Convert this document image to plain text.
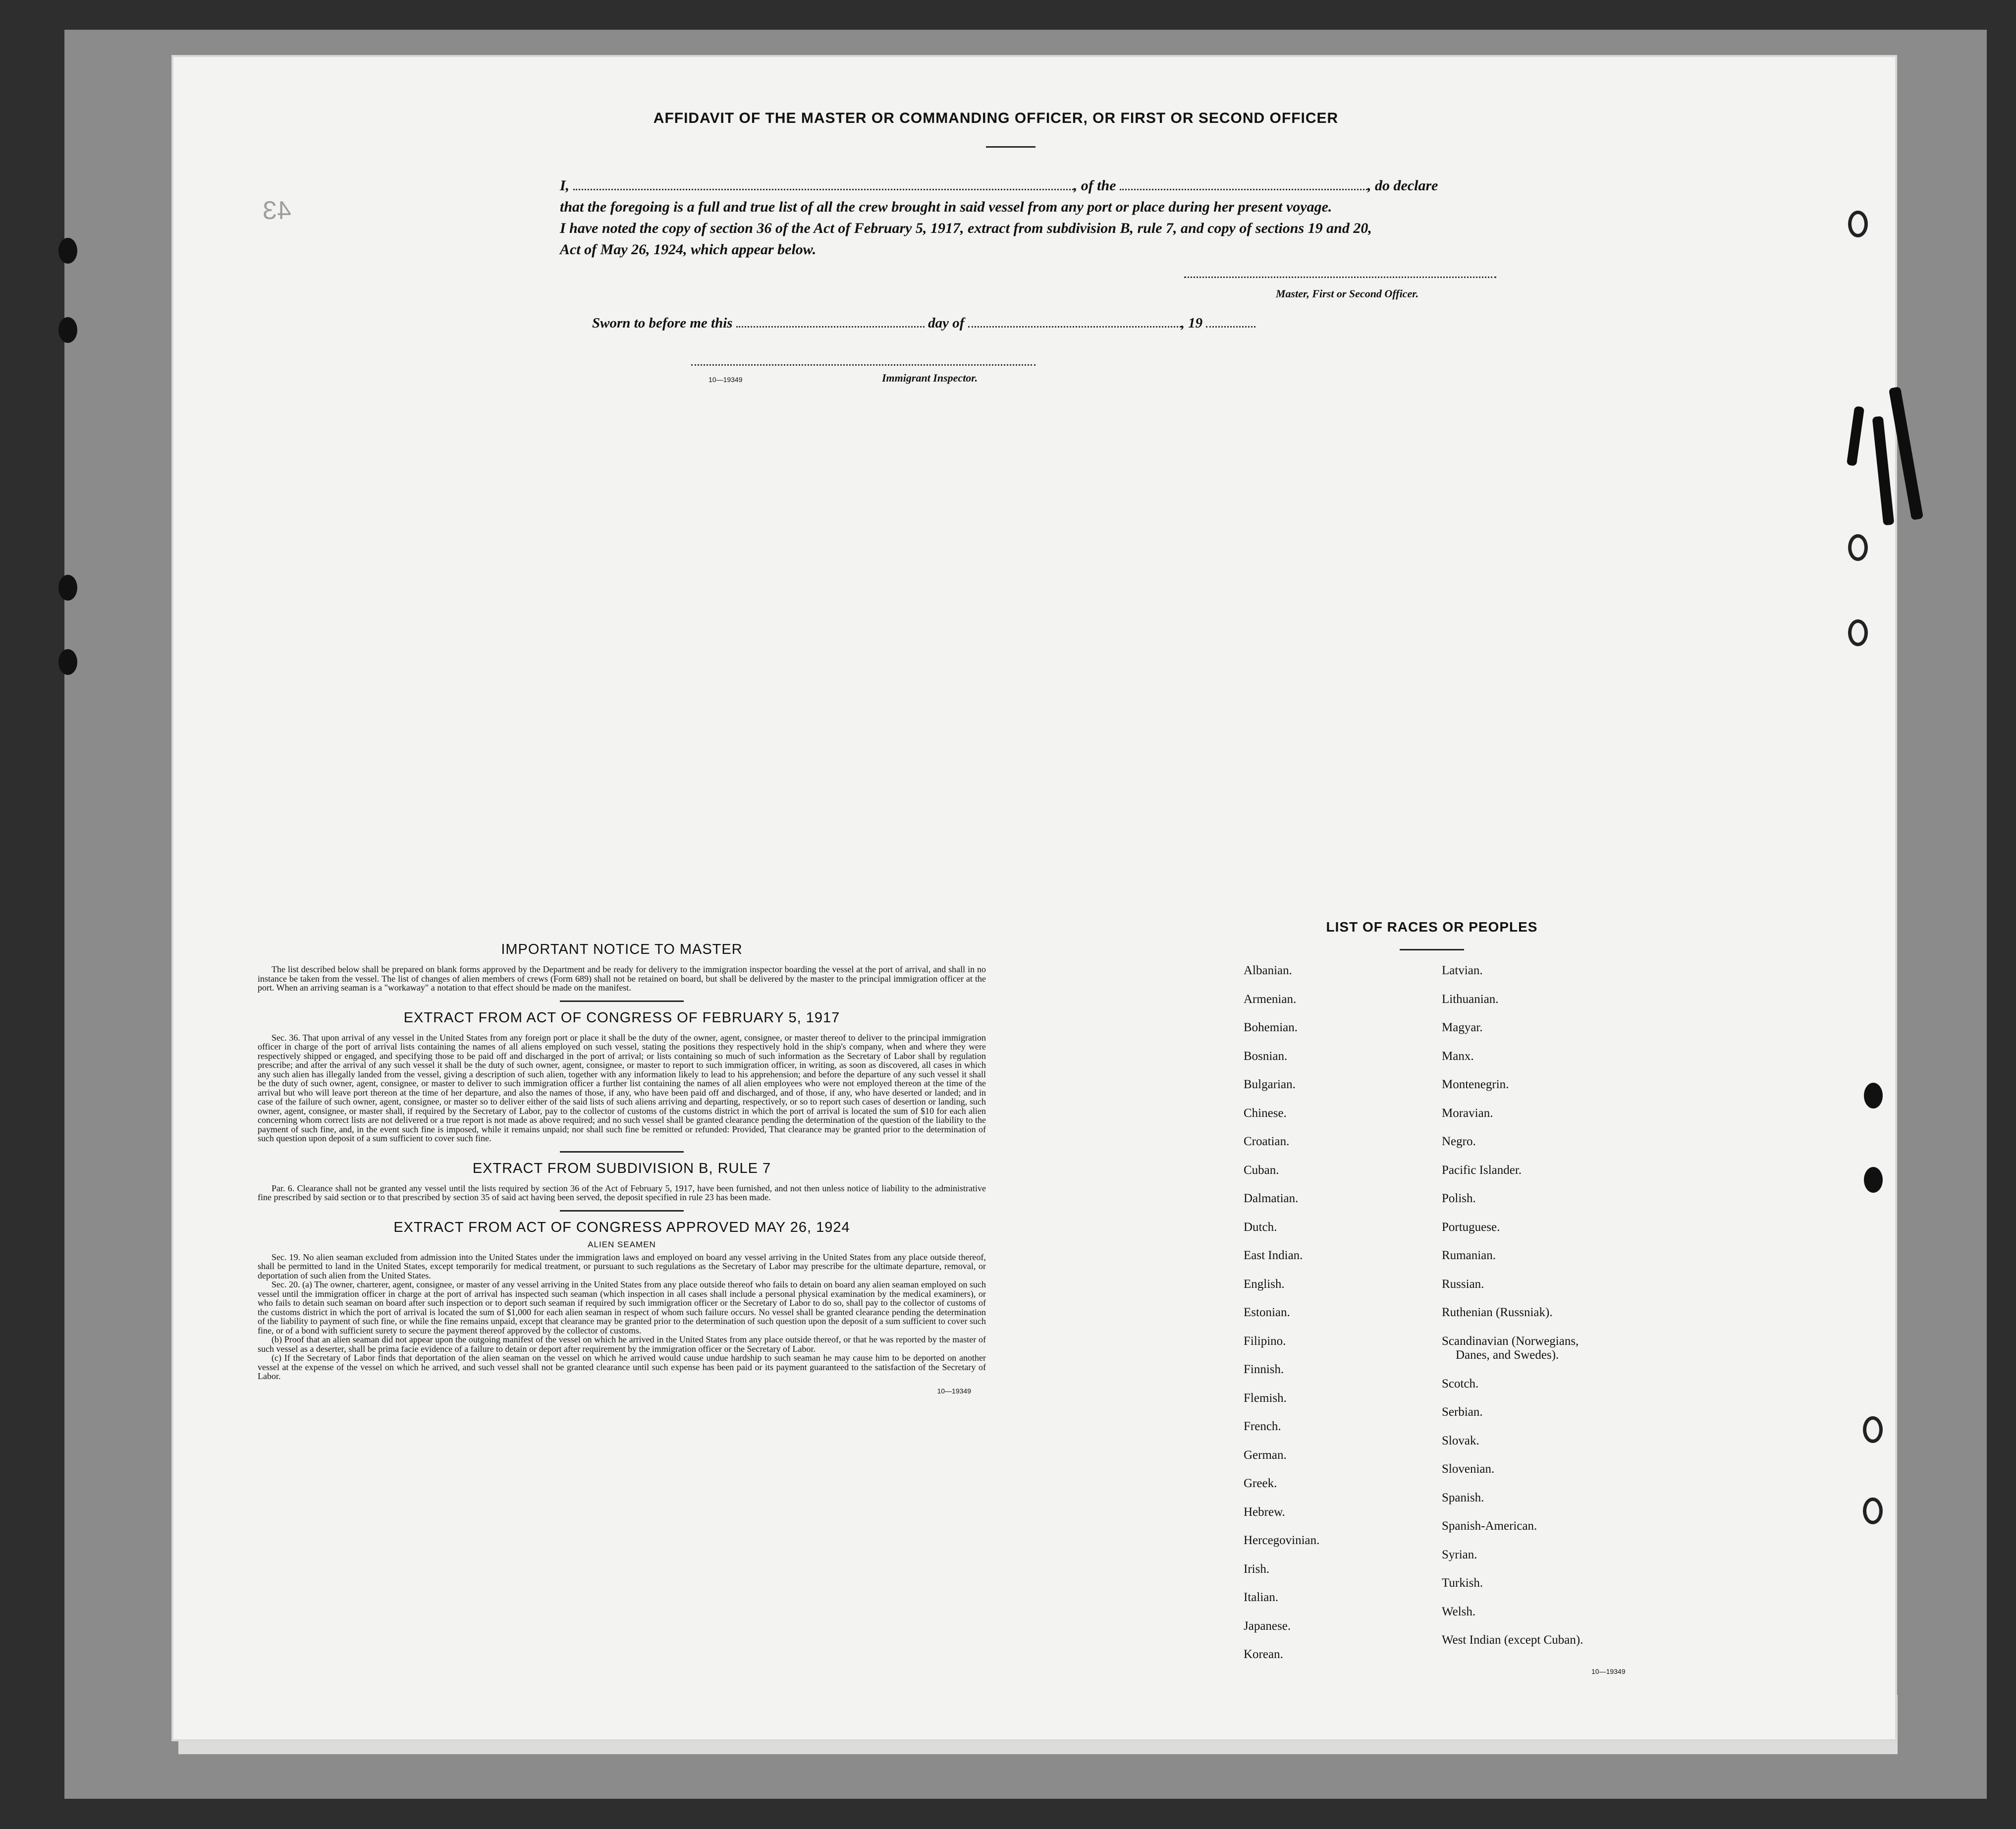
43
AFFIDAVIT OF THE MASTER OR COMMANDING OFFICER, OR FIRST OR SECOND OFFICER
I,	, of the	, do declare
that the foregoing is a full and true list of all the crew brought in said vessel from any port or place during her present voyage.
I have noted the copy of section 36 of the Act of February 5, 1917, extract from subdivision B, rule 7, and copy of sections 19 and 20,
Act of May 26, 1924, which appear below.
Master, First or Second Officer.
Sworn to before me this	day of	, 19
10—19349	Immigrant Inspector.
IMPORTANT NOTICE TO MASTER
The list described below shall be prepared on blank forms approved by the Department and be ready for delivery to the immigration inspector boarding the vessel at the port of arrival, and shall in no instance be taken from the vessel. The list of changes of alien members of crews (Form 689) shall not be retained on board, but shall be delivered by the master to the principal immigration officer at the port. When an arriving seaman is a "workaway" a notation to that effect should be made on the manifest.
EXTRACT FROM ACT OF CONGRESS OF FEBRUARY 5, 1917
Sec. 36. That upon arrival of any vessel in the United States from any foreign port or place it shall be the duty of the owner, agent, consignee, or master thereof to deliver to the principal immigration officer in charge of the port of arrival lists containing the names of all aliens employed on such vessel, stating the positions they respectively hold in the ship's company, when and where they were respectively shipped or engaged, and specifying those to be paid off and discharged in the port of arrival; or lists containing so much of such information as the Secretary of Labor shall by regulation prescribe; and after the arrival of any such vessel it shall be the duty of such owner, agent, consignee, or master to report to such immigration officer, in writing, as soon as discovered, all cases in which any such alien has illegally landed from the vessel, giving a description of such alien, together with any information likely to lead to his apprehension; and before the departure of any such vessel it shall be the duty of such owner, agent, consignee, or master to deliver to such immigration officer a further list containing the names of all alien employees who were not employed thereon at the time of the arrival but who will leave port thereon at the time of her departure, and also the names of those, if any, who have been paid off and discharged, and of those, if any, who have deserted or landed; and in case of the failure of such owner, agent, consignee, or master so to deliver either of the said lists of such aliens arriving and departing, respectively, or so to report such cases of desertion or landing, such owner, agent, consignee, or master shall, if required by the Secretary of Labor, pay to the collector of customs of the customs district in which the port of arrival is located the sum of $10 for each alien concerning whom correct lists are not delivered or a true report is not made as above required; and no such vessel shall be granted clearance pending the determination of the question of the liability to the payment of such fine, and, in the event such fine is imposed, while it remains unpaid; nor shall such fine be remitted or refunded: Provided, That clearance may be granted prior to the determination of such question upon deposit of a sum sufficient to cover such fine.
EXTRACT FROM SUBDIVISION B, RULE 7
Par. 6. Clearance shall not be granted any vessel until the lists required by section 36 of the Act of February 5, 1917, have been furnished, and not then unless notice of liability to the administrative fine prescribed by said section or to that prescribed by section 35 of said act having been served, the deposit specified in rule 23 has been made.
EXTRACT FROM ACT OF CONGRESS APPROVED MAY 26, 1924
ALIEN SEAMEN
Sec. 19. No alien seaman excluded from admission into the United States under the immigration laws and employed on board any vessel arriving in the United States from any place outside thereof, shall be permitted to land in the United States, except temporarily for medical treatment, or pursuant to such regulations as the Secretary of Labor may prescribe for the ultimate departure, removal, or deportation of such alien from the United States.
Sec. 20. (a) The owner, charterer, agent, consignee, or master of any vessel arriving in the United States from any place outside thereof who fails to detain on board any alien seaman employed on such vessel until the immigration officer in charge at the port of arrival has inspected such seaman (which inspection in all cases shall include a personal physical examination by the medical examiners), or who fails to detain such seaman on board after such inspection or to deport such seaman if required by such immigration officer or the Secretary of Labor to do so, shall pay to the collector of customs of the customs district in which the port of arrival is located the sum of $1,000 for each alien seaman in respect of whom such failure occurs. No vessel shall be granted clearance pending the determination of the liability to payment of such fine, or while the fine remains unpaid, except that clearance may be granted prior to the determination of such question upon the deposit of a sum sufficient to cover such fine, or of a bond with sufficient surety to secure the payment thereof approved by the collector of customs.
(b) Proof that an alien seaman did not appear upon the outgoing manifest of the vessel on which he arrived in the United States from any place outside thereof, or that he was reported by the master of such vessel as a deserter, shall be prima facie evidence of a failure to detain or deport after requirement by the immigration officer or the Secretary of Labor.
(c) If the Secretary of Labor finds that deportation of the alien seaman on the vessel on which he arrived would cause undue hardship to such seaman he may cause him to be deported on another vessel at the expense of the vessel on which he arrived, and such vessel shall not be granted clearance until such expense has been paid or its payment guaranteed to the satisfaction of the Secretary of Labor.
10—19349
LIST OF RACES OR PEOPLES
Albanian.
Armenian.
Bohemian.
Bosnian.
Bulgarian.
Chinese.
Croatian.
Cuban.
Dalmatian.
Dutch.
East Indian.
English.
Estonian.
Filipino.
Finnish.
Flemish.
French.
German.
Greek.
Hebrew.
Hercegovinian.
Irish.
Italian.
Japanese.
Korean.
Latvian.
Lithuanian.
Magyar.
Manx.
Montenegrin.
Moravian.
Negro.
Pacific Islander.
Polish.
Portuguese.
Rumanian.
Russian.
Ruthenian (Russniak).
Scandinavian (Norwegians,
Danes, and Swedes).
Scotch.
Serbian.
Slovak.
Slovenian.
Spanish.
Spanish-American.
Syrian.
Turkish.
Welsh.
West Indian (except Cuban).
10—19349
